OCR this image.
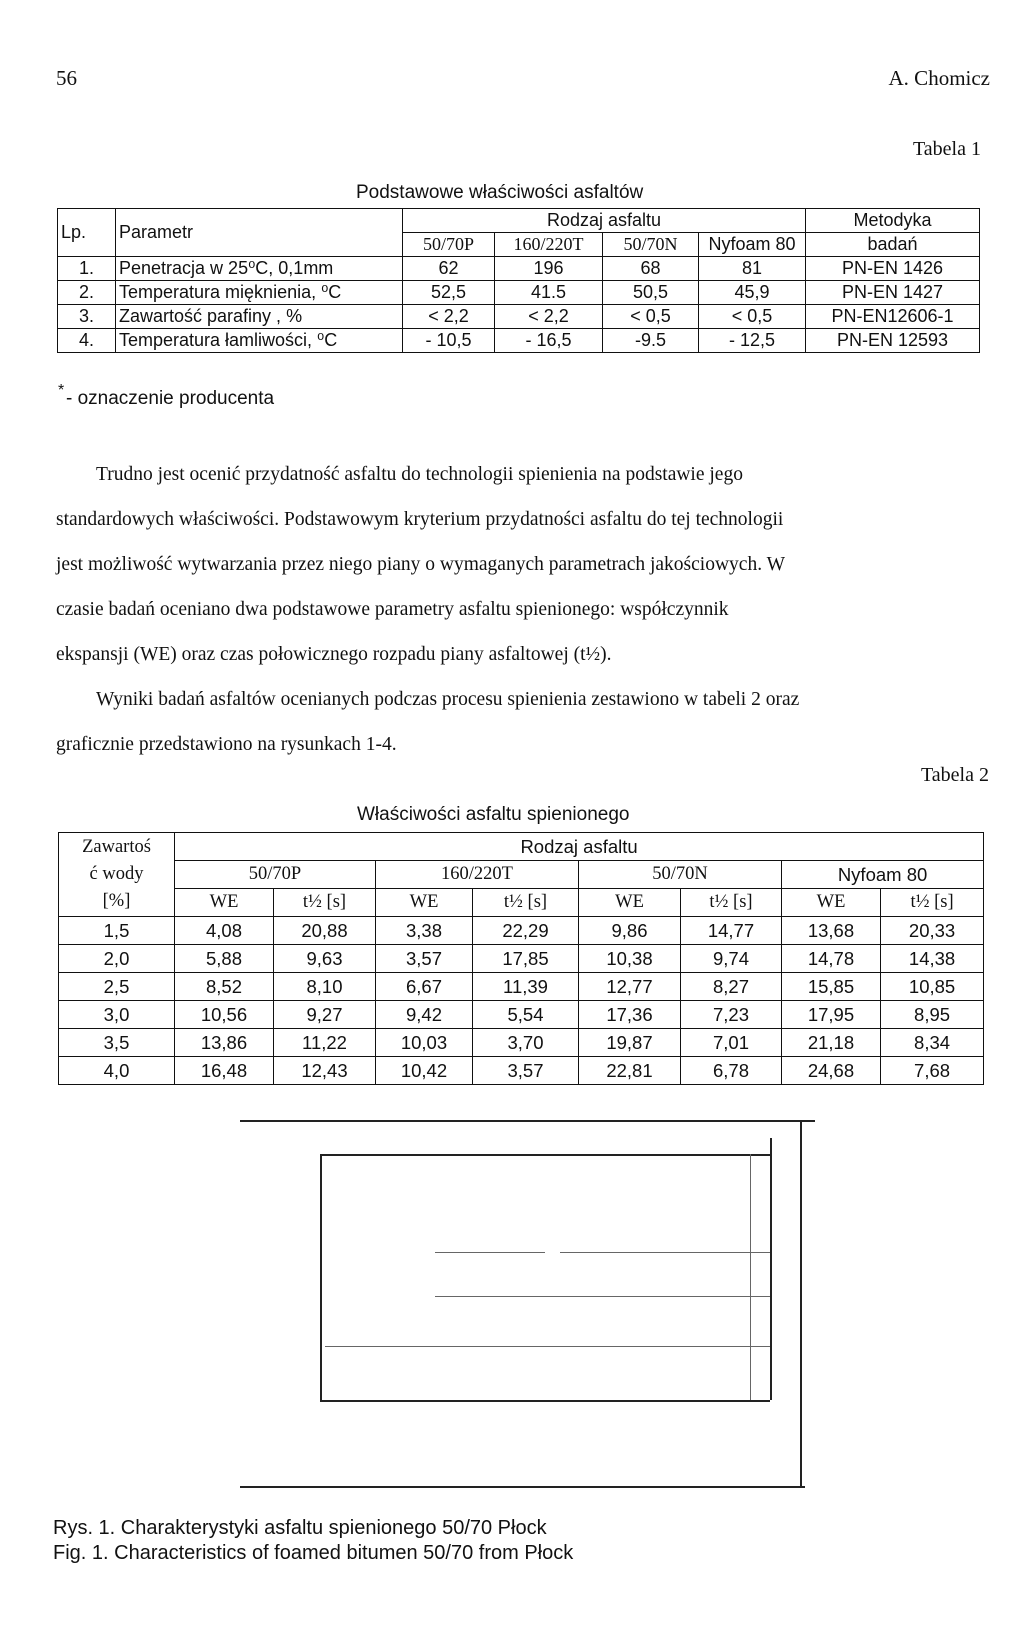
56	A. Chomicz
Tabela 1
Podstawowe właściwości asfaltów
Lp.	Parametr	Rodzaj asfaltu				Metodyka
		50/70P	160/220T	50/70N	Nyfoam 80	badań
1.	Penetracja w 25⁰C, 0,1mm	62	196	68	81	PN-EN 1426
2.	Temperatura mięknienia, ⁰C	52,5	41.5	50,5	45,9	PN-EN 1427
3.	Zawartość parafiny , %	< 2,2	< 2,2	< 0,5	< 0,5	PN-EN12606-1
4.	Temperatura łamliwości, ⁰C	- 10,5	- 16,5	-9.5	- 12,5	PN-EN 12593
* - oznaczenie producenta

Trudno jest ocenić przydatność asfaltu do technologii spienienia na podstawie jego

standardowych właściwości. Podstawowym kryterium przydatności asfaltu do tej technologii

jest możliwość wytwarzania przez niego piany o wymaganych parametrach jakościowych. W

czasie badań oceniano dwa podstawowe parametry asfaltu spienionego: współczynnik

ekspansji (WE) oraz czas połowicznego rozpadu piany asfaltowej (t½).

Wyniki badań asfaltów ocenianych podczas procesu spienienia zestawiono w tabeli 2 oraz

graficznie przedstawiono na rysunkach 1-4.

Tabela 2
Właściwości asfaltu spienionego
Zawartoś
ć wody
[%]	Rodzaj asfaltu							
	50/70P		160/220T		50/70N		Nyfoam 80	
	WE	t½ [s]	WE	t½ [s]	WE	t½ [s]	WE	t½ [s]
1,5	4,08	20,88	3,38	22,29	9,86	14,77	13,68	20,33
2,0	5,88	9,63	3,57	17,85	10,38	9,74	14,78	14,38
2,5	8,52	8,10	6,67	11,39	12,77	8,27	15,85	10,85
3,0	10,56	9,27	9,42	5,54	17,36	7,23	17,95	8,95
3,5	13,86	11,22	10,03	3,70	19,87	7,01	21,18	8,34
4,0	16,48	12,43	10,42	3,57	22,81	6,78	24,68	7,68
Rys. 1. Charakterystyki asfaltu spienionego 50/70 Płock
Fig. 1. Characteristics of foamed bitumen 50/70 from Płock
